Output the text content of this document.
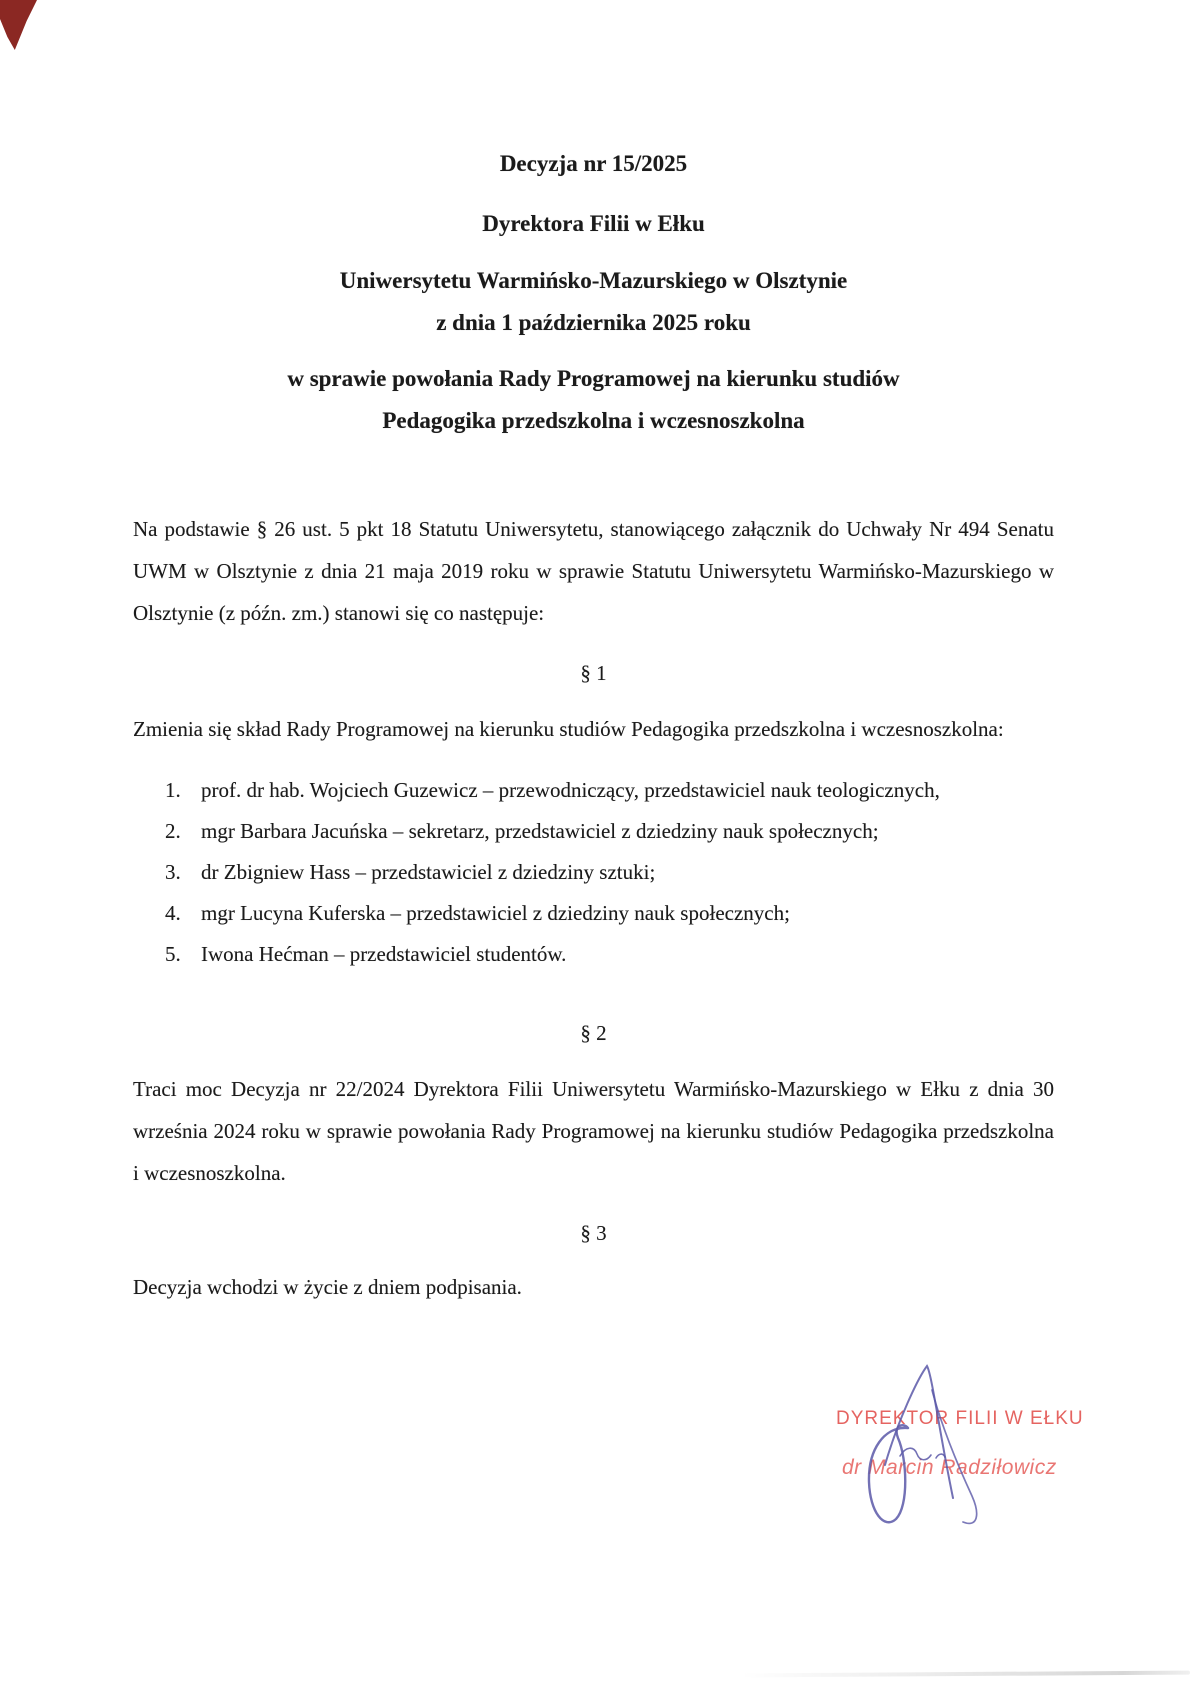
Decyzja nr 15/2025
Dyrektora Filii w Ełku
Uniwersytetu Warmińsko-Mazurskiego w Olsztynie
z dnia 1 października 2025 roku
w sprawie powołania Rady Programowej na kierunku studiów
Pedagogika przedszkolna i wczesnoszkolna

Na podstawie § 26 ust. 5 pkt 18 Statutu Uniwersytetu, stanowiącego załącznik do Uchwały Nr 494 Senatu UWM w Olsztynie z dnia 21 maja 2019 roku w sprawie Statutu Uniwersytetu Warmińsko-Mazurskiego w Olsztynie (z późn. zm.) stanowi się co następuje:

§ 1

Zmienia się skład Rady Programowej na kierunku studiów Pedagogika przedszkolna i wczesnoszkolna:

1. prof. dr hab. Wojciech Guzewicz – przewodniczący, przedstawiciel nauk teologicznych,
2. mgr Barbara Jacuńska – sekretarz, przedstawiciel z dziedziny nauk społecznych;
3. dr Zbigniew Hass – przedstawiciel z dziedziny sztuki;
4. mgr Lucyna Kuferska – przedstawiciel z dziedziny nauk społecznych;
5. Iwona Hećman – przedstawiciel studentów.
§ 2

Traci moc Decyzja nr 22/2024 Dyrektora Filii Uniwersytetu Warmińsko-Mazurskiego w Ełku z dnia 30 września 2024 roku w sprawie powołania Rady Programowej na kierunku studiów Pedagogika przedszkolna i wczesnoszkolna.

§ 3

Decyzja wchodzi w życie z dniem podpisania.

DYREKTOR FILII W EŁKU
dr Marcin Radziłowicz
